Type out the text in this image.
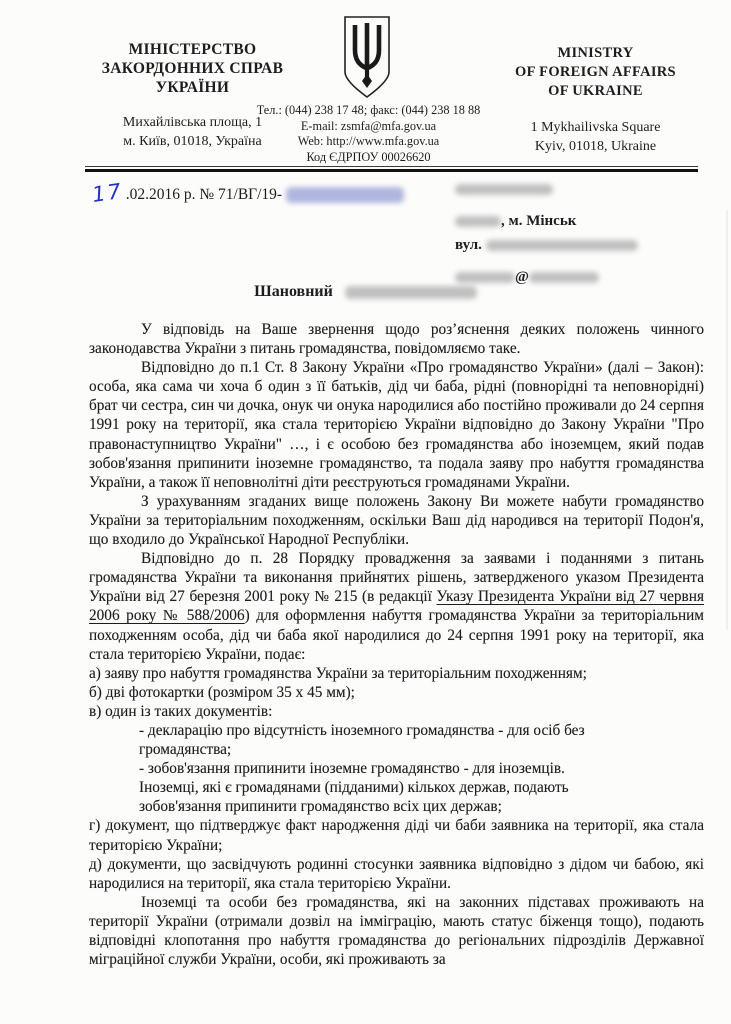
МІНІСТЕРСТВО
ЗАКОРДОННИХ СПРАВ
УКРАЇНИ
Михайлівська площа, 1
м. Київ, 01018, Україна
Тел.: (044) 238 17 48; факс: (044) 238 18 88
E-mail: zsmfa@mfa.gov.ua
Web: http://www.mfa.gov.ua
Код ЄДРПОУ 00026620
MINISTRY
OF FOREIGN AFFAIRS
OF UKRAINE
1 Mykhailivska Square
Kyiv, 01018, Ukraine
17.02.2016 р. № 71/ВГ/19-
, м. Мінськ
вул.
@
Шановний

У відповідь на Ваше звернення щодо роз’яснення деяких положень чинного законодавства України з питань громадянства, повідомляємо таке.

Відповідно до п.1 Ст. 8 Закону України «Про громадянство України» (далі – Закон): особа, яка сама чи хоча б один з її батьків, дід чи баба, рідні (повнорідні та неповнорідні) брат чи сестра, син чи дочка, онук чи онука народилися або постійно проживали до 24 серпня 1991 року на території, яка стала територією України відповідно до Закону України "Про правонаступництво України" …, і є особою без громадянства або іноземцем, який подав зобов'язання припинити іноземне громадянство, та подала заяву про набуття громадянства України, а також її неповнолітні діти реєструються громадянами України.

З урахуванням згаданих вище положень Закону Ви можете набути громадянство України за територіальним походженням, оскільки Ваш дід народився на території Подон'я, що входило до Української Народної Республіки.

Відповідно до п. 28 Порядку провадження за заявами і поданнями з питань громадянства України та виконання прийнятих рішень, затвердженого указом Президента України від 27 березня 2001 року № 215 (в редакції Указу Президента України від 27 червня 2006 року № 588/2006) для оформлення набуття громадянства України за територіальним походженням особа, дід чи баба якої народилися до 24 серпня 1991 року на території, яка стала територією України, подає:

а) заяву про набуття громадянства України за територіальним походженням;
б) дві фотокартки (розміром 35 х 45 мм);
в) один із таких документів:
- декларацію про відсутність іноземного громадянства - для осіб без громадянства;
- зобов'язання припинити іноземне громадянство - для іноземців. Іноземці, які є громадянами (підданими) кількох держав, подають зобов'язання припинити громадянство всіх цих держав;
г) документ, що підтверджує факт народження діді чи баби заявника на території, яка стала територією України;
д) документи, що засвідчують родинні стосунки заявника відповідно з дідом чи бабою, які народилися на території, яка стала територією України.

Іноземці та особи без громадянства, які на законних підставах проживають на території України (отримали дозвіл на імміграцію, мають статус біженця тощо), подають відповідні клопотання про набуття громадянства до регіональних підрозділів Державної міграційної служби України, особи, які проживають за
